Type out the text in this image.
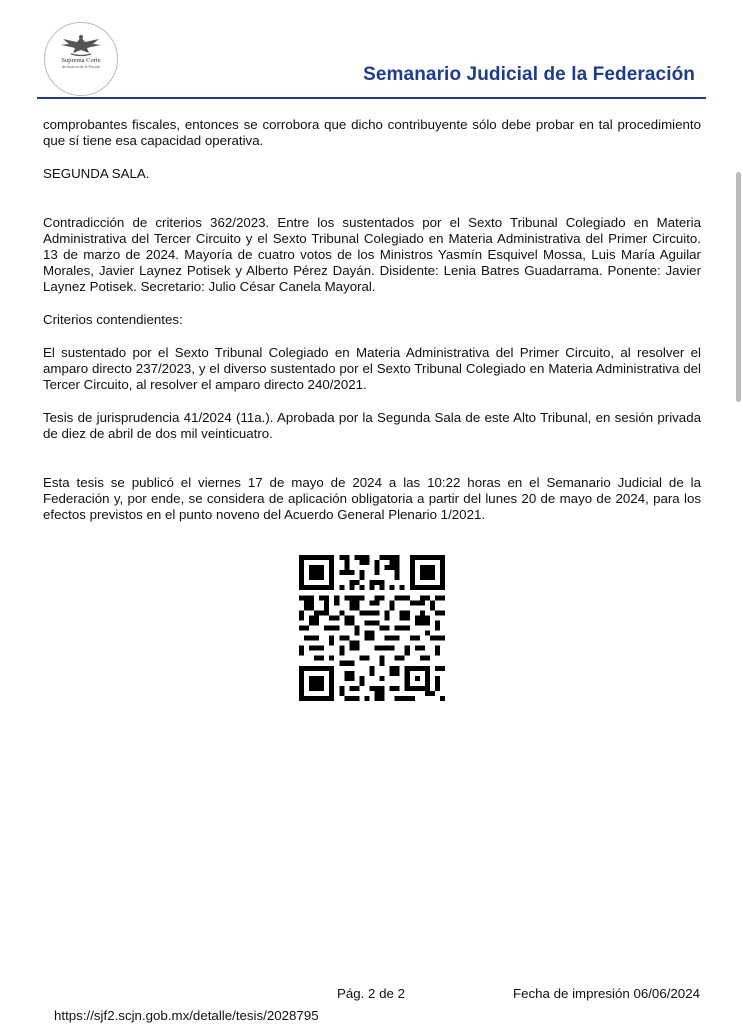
Suprema Corte
de Justicia de la Nación	Semanario Judicial de la Federación

comprobantes fiscales, entonces se corrobora que dicho contribuyente sólo debe probar en tal procedimiento que sí tiene esa capacidad operativa.

SEGUNDA SALA.

Contradicción de criterios 362/2023. Entre los sustentados por el Sexto Tribunal Colegiado en Materia Administrativa del Tercer Circuito y el Sexto Tribunal Colegiado en Materia Administrativa del Primer Circuito. 13 de marzo de 2024. Mayoría de cuatro votos de los Ministros Yasmín Esquivel Mossa, Luis María Aguilar Morales, Javier Laynez Potisek y Alberto Pérez Dayán. Disidente: Lenia Batres Guadarrama. Ponente: Javier Laynez Potisek. Secretario: Julio César Canela Mayoral.

Criterios contendientes:

El sustentado por el Sexto Tribunal Colegiado en Materia Administrativa del Primer Circuito, al resolver el amparo directo 237/2023, y el diverso sustentado por el Sexto Tribunal Colegiado en Materia Administrativa del Tercer Circuito, al resolver el amparo directo 240/2021.

Tesis de jurisprudencia 41/2024 (11a.). Aprobada por la Segunda Sala de este Alto Tribunal, en sesión privada de diez de abril de dos mil veinticuatro.

Esta tesis se publicó el viernes 17 de mayo de 2024 a las 10:22 horas en el Semanario Judicial de la Federación y, por ende, se considera de aplicación obligatoria a partir del lunes 20 de mayo de 2024, para los efectos previstos en el punto noveno del Acuerdo General Plenario 1/2021.

Pág. 2 de 2	Fecha de impresión 06/06/2024
https://sjf2.scjn.gob.mx/detalle/tesis/2028795
